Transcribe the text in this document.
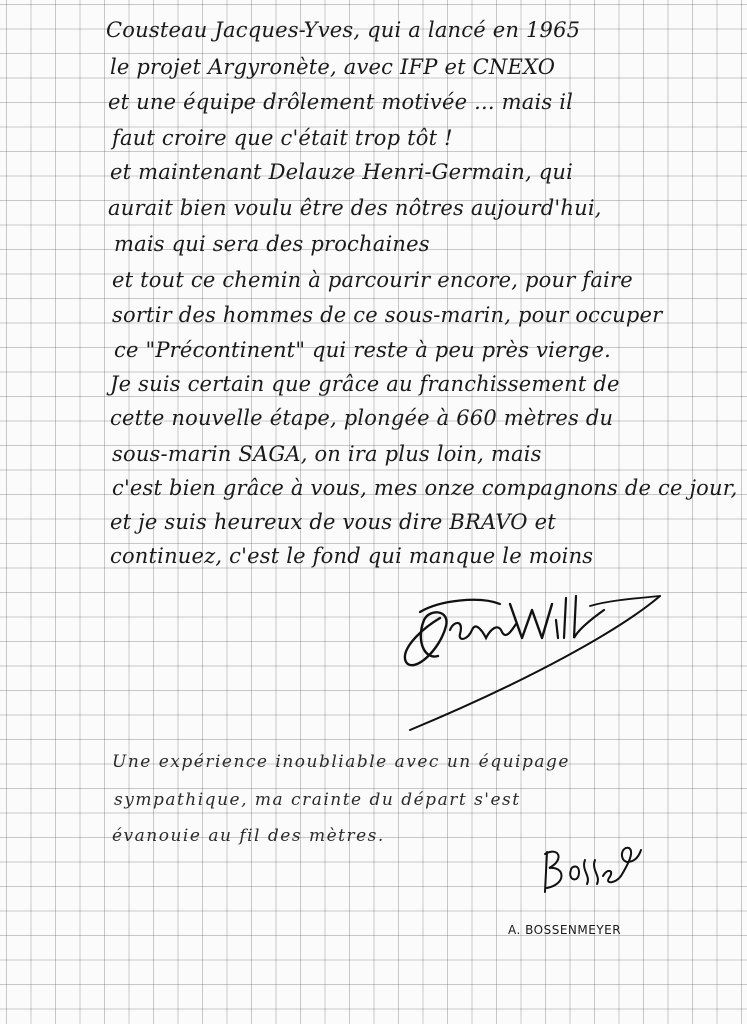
Cousteau Jacques-Yves, qui a lancé en 1965
le projet Argyronète, avec IFP et CNEXO
et une équipe drôlement motivée ... mais il
faut croire que c'était trop tôt !
et maintenant Delauze Henri-Germain, qui
aurait bien voulu être des nôtres aujourd'hui,
mais qui sera des prochaines
et tout ce chemin à parcourir encore, pour faire
sortir des hommes de ce sous-marin, pour occuper
ce "Précontinent" qui reste à peu près vierge.
Je suis certain que grâce au franchissement de
cette nouvelle étape, plongée à 660 mètres du
sous-marin SAGA, on ira plus loin, mais
c'est bien grâce à vous, mes onze compagnons de ce jour,
et je suis heureux de vous dire BRAVO et
continuez, c'est le fond qui manque le moins
Une expérience inoubliable avec un équipage
sympathique, ma crainte du départ s'est
évanouie au fil des mètres.
A. BOSSENMEYER
